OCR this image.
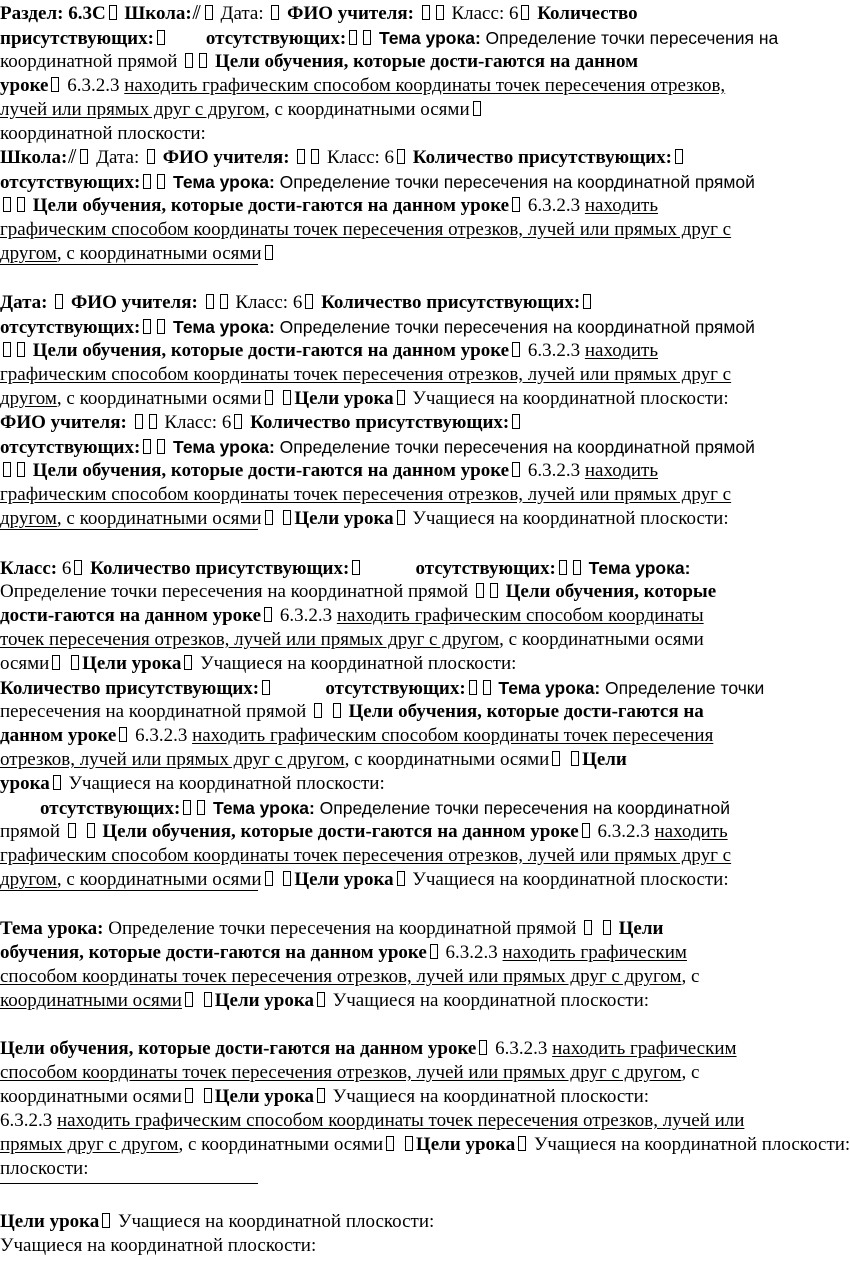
Раздел: 6.3С Школа:⫽ Дата:  ФИО учителя: Класс: 6 Количество
присутствующих:	отсутствующих: Тема урока: Определение точки пересечения на
координатной прямой Цели обучения, которые дости-гаются на данном
уроке 6.3.2.3 находить графическим способом координаты точек пересечения отрезков,
лучей или прямых друг с другом, с координатными осями
координатной плоскости:
Школа:⫽ Дата:  ФИО учителя: Класс: 6 Количество присутствующих:
отсутствующих: Тема урока: Определение точки пересечения на координатной прямой
Цели обучения, которые дости-гаются на данном уроке 6.3.2.3 находить
графическим способом координаты точек пересечения отрезков, лучей или прямых друг с
другом, с координатными осями
Дата: ФИО учителя: Класс: 6 Количество присутствующих:
отсутствующих: Тема урока: Определение точки пересечения на координатной прямой
Цели обучения, которые дости-гаются на данном уроке 6.3.2.3 находить
графическим способом координаты точек пересечения отрезков, лучей или прямых друг с
другом, с координатными осями Цели урока Учащиеся на координатной плоскости:
ФИО учителя: Класс: 6 Количество присутствующих:
отсутствующих: Тема урока: Определение точки пересечения на координатной прямой
Цели обучения, которые дости-гаются на данном уроке 6.3.2.3 находить
графическим способом координаты точек пересечения отрезков, лучей или прямых друг с
другом, с координатными осями Цели урока Учащиеся на координатной плоскости:
Класс: 6 Количество присутствующих:	отсутствующих: Тема урока:
Определение точки пересечения на координатной прямой Цели обучения, которые
дости-гаются на данном уроке 6.3.2.3 находить графическим способом координаты
точек пересечения отрезков, лучей или прямых друг с другом, с координатными осями
осями Цели урока Учащиеся на координатной плоскости:
Количество присутствующих:	отсутствующих: Тема урока: Определение точки
пересечения на координатной прямой Цели обучения, которые дости-гаются на
данном уроке 6.3.2.3 находить графическим способом координаты точек пересечения
отрезков, лучей или прямых друг с другом, с координатными осями Цели
урока Учащиеся на координатной плоскости:
отсутствующих: Тема урока: Определение точки пересечения на координатной
прямой Цели обучения, которые дости-гаются на данном уроке 6.3.2.3 находить
графическим способом координаты точек пересечения отрезков, лучей или прямых друг с
другом, с координатными осями Цели урока Учащиеся на координатной плоскости:
Тема урока: Определение точки пересечения на координатной прямой Цели
обучения, которые дости-гаются на данном уроке 6.3.2.3 находить графическим
способом координаты точек пересечения отрезков, лучей или прямых друг с другом, с
координатными осями Цели урока Учащиеся на координатной плоскости:
Цели обучения, которые дости-гаются на данном уроке 6.3.2.3 находить графическим
способом координаты точек пересечения отрезков, лучей или прямых друг с другом, с
координатными осями Цели урока Учащиеся на координатной плоскости:
6.3.2.3 находить графическим способом координаты точек пересечения отрезков, лучей или
прямых друг с другом, с координатными осями Цели урока Учащиеся на координатной плоскости:
плоскости:
Цели урока Учащиеся на координатной плоскости:
Учащиеся на координатной плоскости:
